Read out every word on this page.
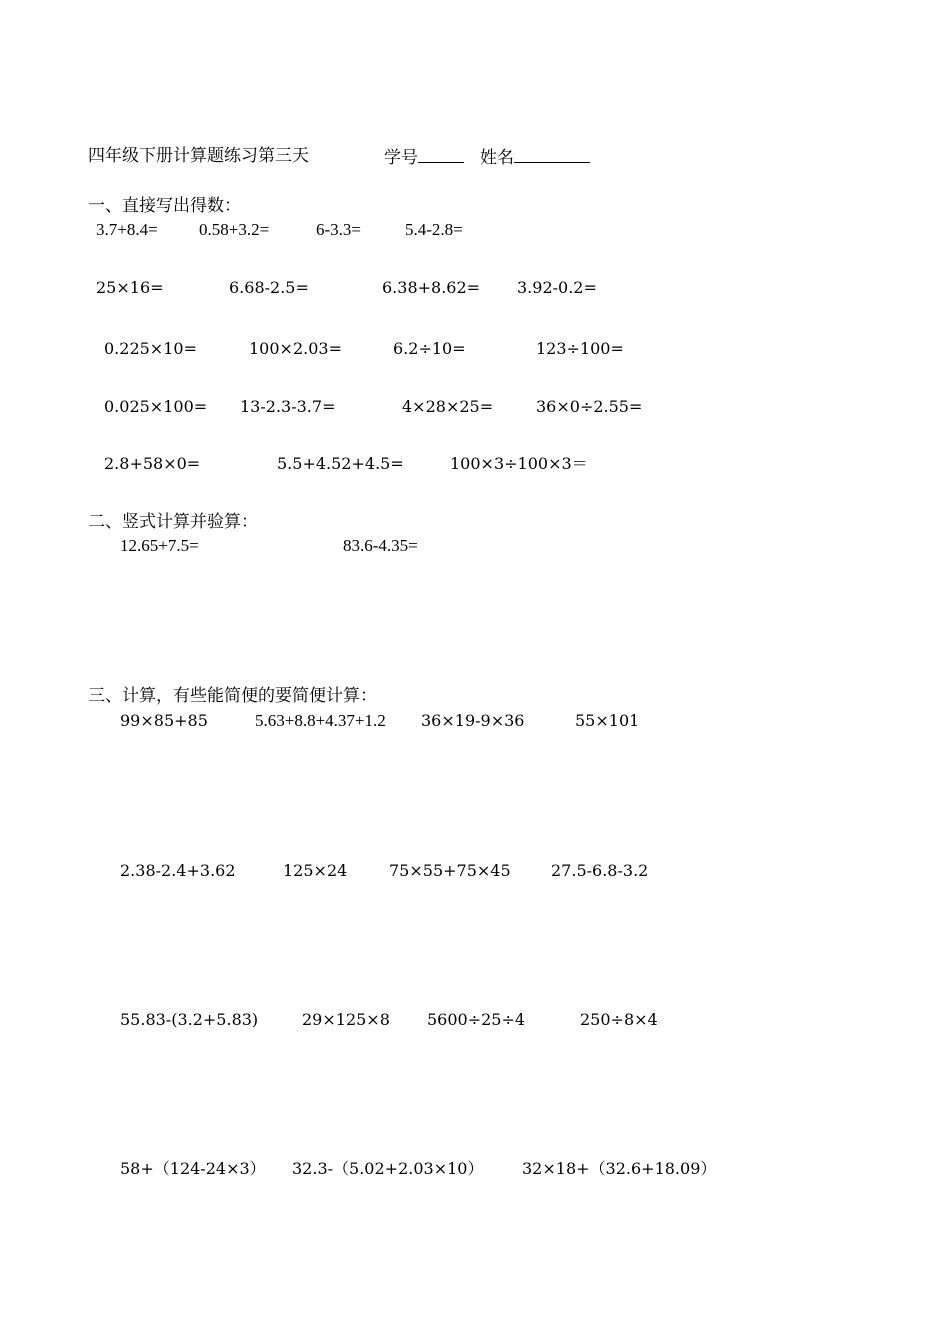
四年级下册计算题练习第三天	学号	姓名
一、直接写出得数：
3.7+8.4= 0.58+3.2=	6-3.3=	5.4-2.8=
25×16=	6.68-2.5=	6.38+8.62= 3.92-0.2=
0.225×10=	100×2.03=	6.2÷10=	123÷100=
0.025×100= 13-2.3-3.7=	4×28×25=	36×0÷2.55=
2.8+58×0=	5.5+4.52+4.5=	100×3÷100×3＝
二、竖式计算并验算：
12.65+7.5=	83.6-4.35=
三、计算，有些能简便的要简便计算：
99×85+85	5.63+8.8+4.37+1.2 36×19-9×36	55×101
2.38-2.4+3.62	125×24	75×55+75×45	27.5-6.8-3.2
55.83-(3.2+5.83)	29×125×8 5600÷25÷4	250÷8×4
58+（124-24×3） 32.3-（5.02+2.03×10） 32×18+（32.6+18.09）
